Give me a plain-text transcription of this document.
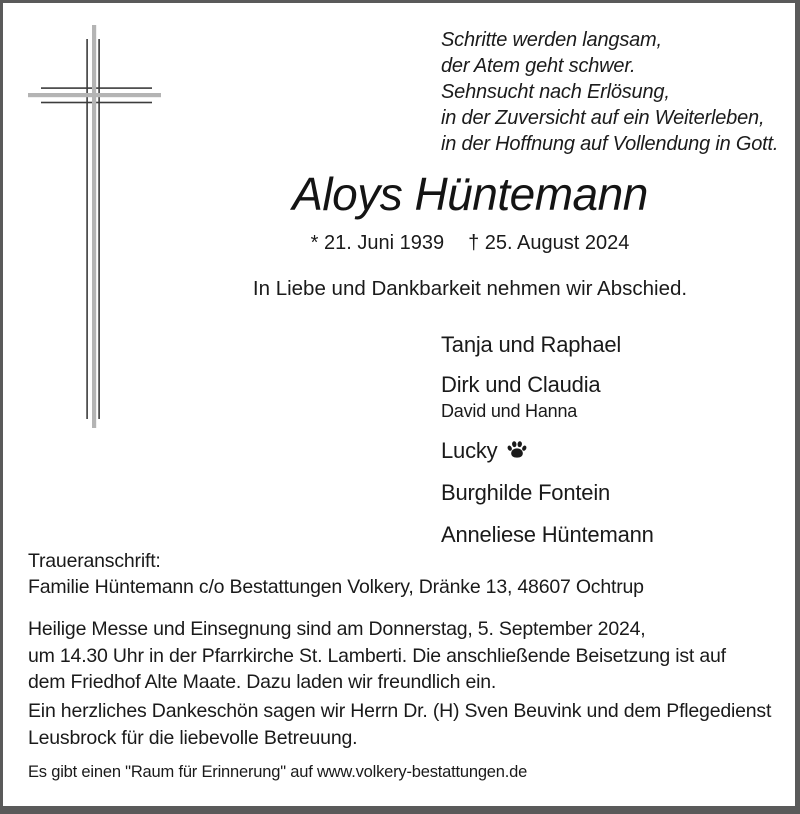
Schritte werden langsam,
der Atem geht schwer.
Sehnsucht nach Erlösung,
in der Zuversicht auf ein Weiterleben,
in der Hoffnung auf Vollendung in Gott.
Aloys Hüntemann
* 21. Juni 1939 † 25. August 2024
In Liebe und Dankbarkeit nehmen wir Abschied.
Tanja und Raphael
Dirk und Claudia
David und Hanna
Lucky
Burghilde Fontein
Anneliese Hüntemann
Traueranschrift:
Familie Hüntemann c/o Bestattungen Volkery, Dränke 13, 48607 Ochtrup
Heilige Messe und Einsegnung sind am Donnerstag, 5. September 2024,
um 14.30 Uhr in der Pfarrkirche St. Lamberti. Die anschließende Beisetzung ist auf
dem Friedhof Alte Maate. Dazu laden wir freundlich ein.
Ein herzliches Dankeschön sagen wir Herrn Dr. (H) Sven Beuvink und dem Pflegedienst
Leusbrock für die liebevolle Betreuung.
Es gibt einen "Raum für Erinnerung" auf www.volkery-bestattungen.de
